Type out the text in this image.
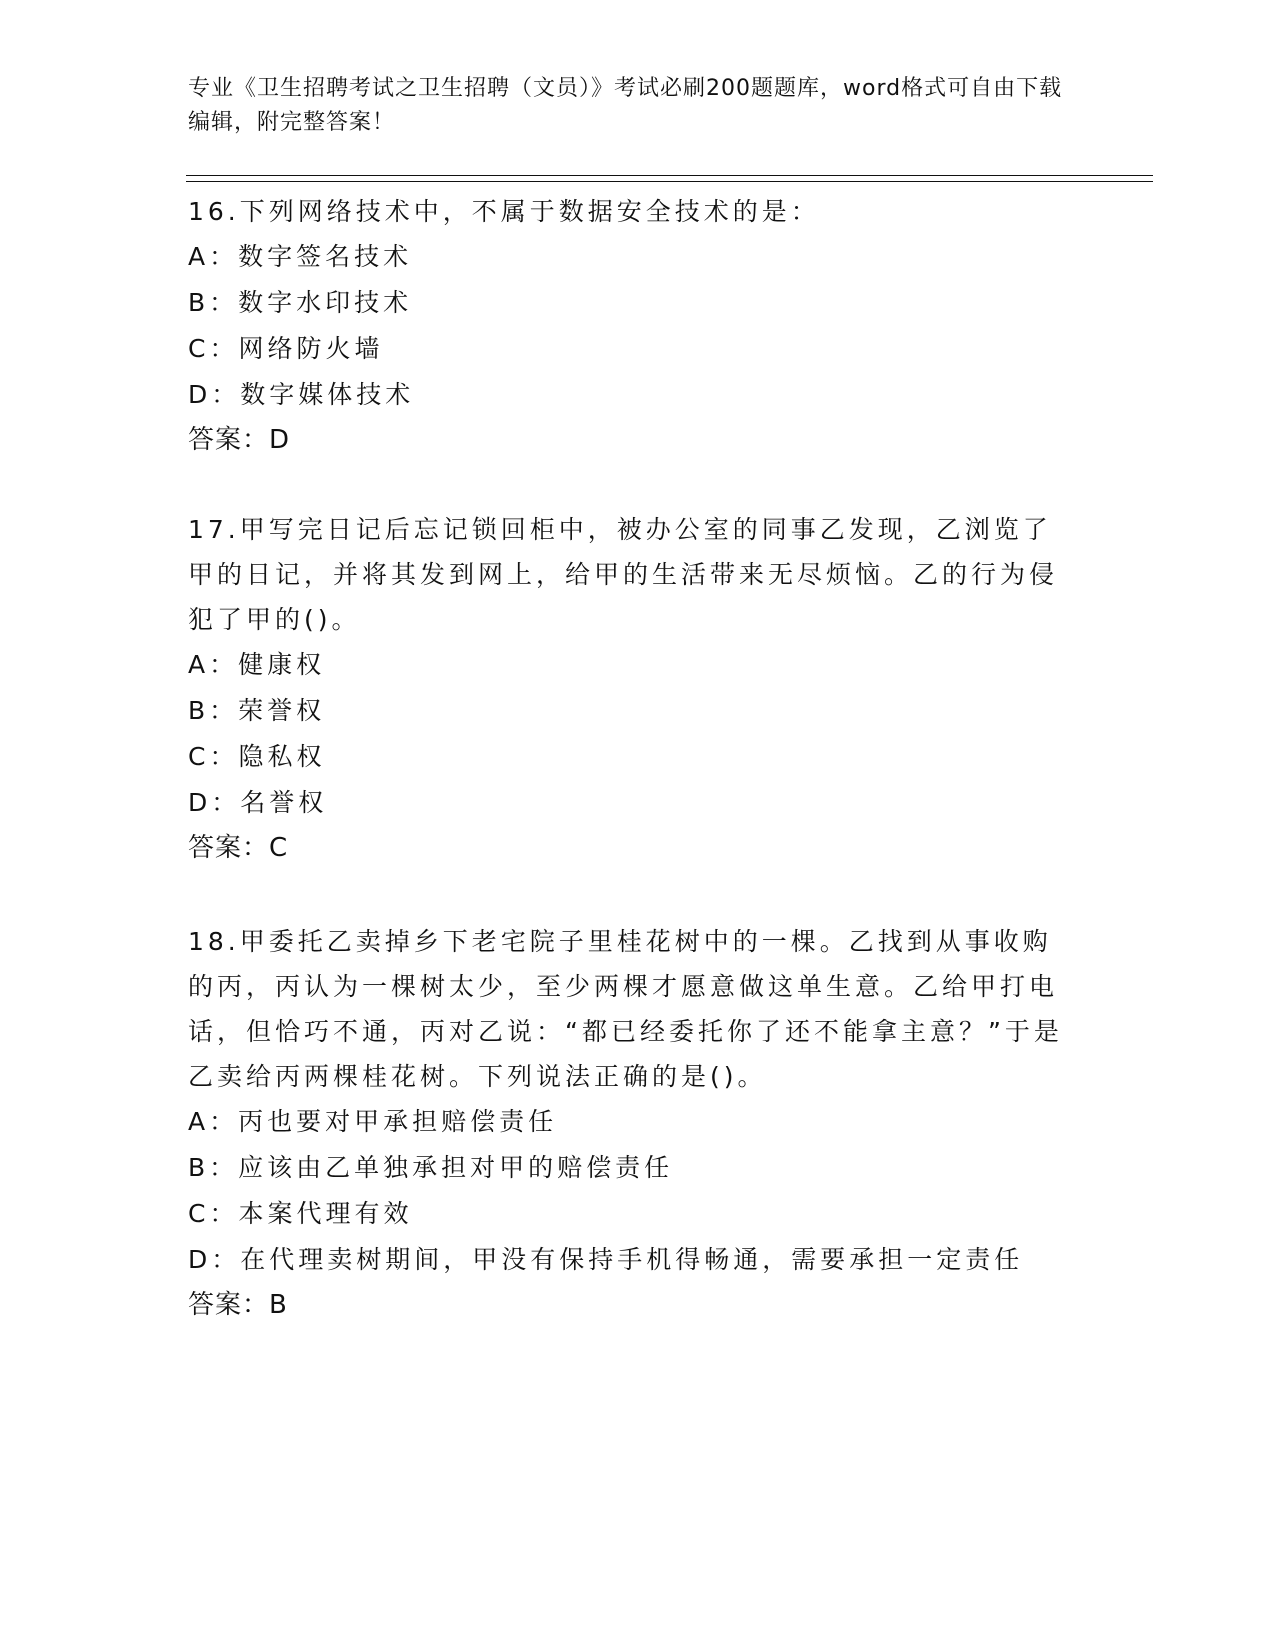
专业《卫生招聘考试之卫生招聘（文员）》考试必刷200题题库，word格式可自由下载编辑，附完整答案！

16.下列网络技术中，不属于数据安全技术的是：

A：数字签名技术

B：数字水印技术

C：网络防火墙

D：数字媒体技术

答案：D

17.甲写完日记后忘记锁回柜中，被办公室的同事乙发现，乙浏览了甲的日记，并将其发到网上，给甲的生活带来无尽烦恼。乙的行为侵犯了甲的()。

A：健康权

B：荣誉权

C：隐私权

D：名誉权

答案：C

18.甲委托乙卖掉乡下老宅院子里桂花树中的一棵。乙找到从事收购的丙，丙认为一棵树太少，至少两棵才愿意做这单生意。乙给甲打电话，但恰巧不通，丙对乙说：“都已经委托你了还不能拿主意？”于是乙卖给丙两棵桂花树。下列说法正确的是()。

A：丙也要对甲承担赔偿责任

B：应该由乙单独承担对甲的赔偿责任

C：本案代理有效

D：在代理卖树期间，甲没有保持手机得畅通，需要承担一定责任

答案：B
